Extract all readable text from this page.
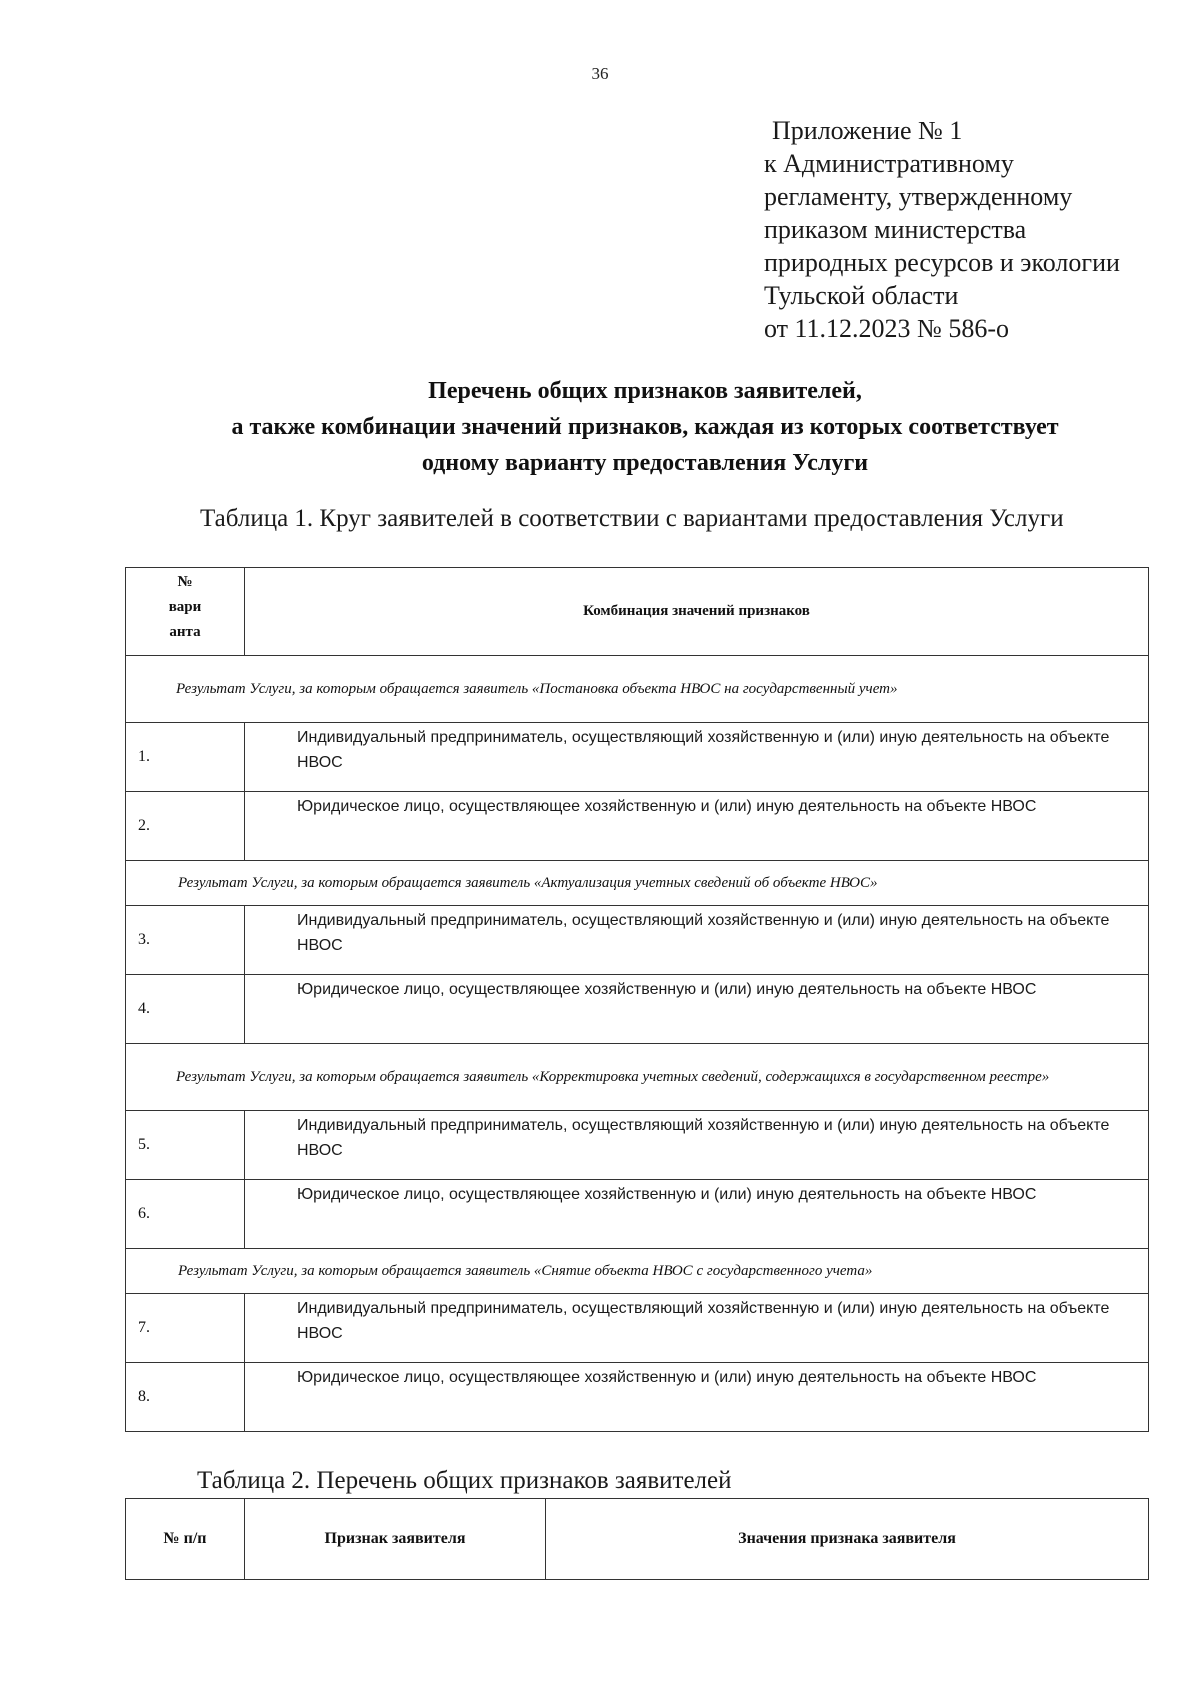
36
Приложение № 1
к Административному
регламенту, утвержденному
приказом министерства
природных ресурсов и экологии
Тульской области
от 11.12.2023 № 586-о
Перечень общих признаков заявителей,
а также комбинации значений признаков, каждая из которых соответствует
одному варианту предоставления Услуги
Таблица 1. Круг заявителей в соответствии с вариантами предоставления Услуги
№
вари
анта	Комбинация значений признаков
Результат Услуги, за которым обращается заявитель «Постановка объекта НВОС на государственный учет»	
1.	Индивидуальный предприниматель, осуществляющий хозяйственную и (или) иную деятельность на объекте НВОС
2.	Юридическое лицо, осуществляющее хозяйственную и (или) иную деятельность на объекте НВОС
Результат Услуги, за которым обращается заявитель «Актуализация учетных сведений об объекте НВОС»	
3.	Индивидуальный предприниматель, осуществляющий хозяйственную и (или) иную деятельность на объекте НВОС
4.	Юридическое лицо, осуществляющее хозяйственную и (или) иную деятельность на объекте НВОС
Результат Услуги, за которым обращается заявитель «Корректировка учетных сведений, содержащихся в государственном реестре»	
5.	Индивидуальный предприниматель, осуществляющий хозяйственную и (или) иную деятельность на объекте НВОС
6.	Юридическое лицо, осуществляющее хозяйственную и (или) иную деятельность на объекте НВОС
Результат Услуги, за которым обращается заявитель «Снятие объекта НВОС с государственного учета»	
7.	Индивидуальный предприниматель, осуществляющий хозяйственную и (или) иную деятельность на объекте НВОС
8.	Юридическое лицо, осуществляющее хозяйственную и (или) иную деятельность на объекте НВОС
Таблица 2. Перечень общих признаков заявителей
№ п/п	Признак заявителя	Значения признака заявителя
